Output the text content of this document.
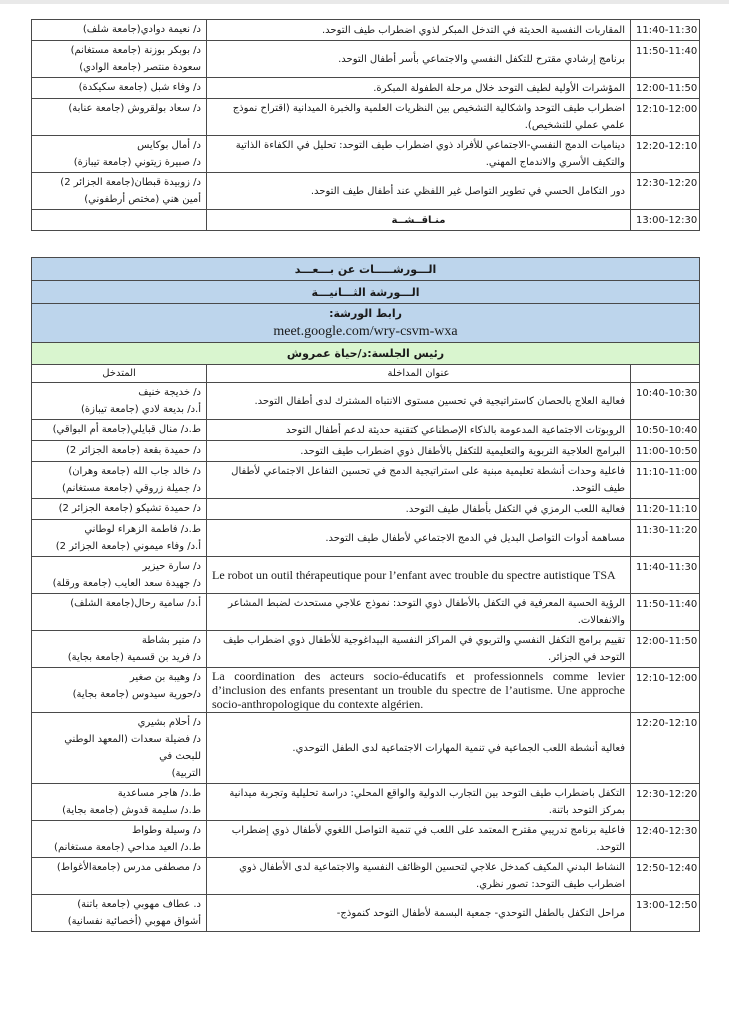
11:40-11:30	المقاربات النفسية الحديثة في التدخل المبكر لذوي اضطراب طيف التوحد.	د/ نعيمة دوادي(جامعة شلف)

11:50-11:40	برنامج إرشادي مقترح للتكفل النفسي والاجتماعي بأسر أطفال التوحد.	د/ بوبكر بوزنة (جامعة مستغانم)
سعودة منتصر (جامعة الوادي)

12:00-11:50	المؤشرات الأولية لطيف التوحد خلال مرحلة الطفولة المبكرة.	د/ وفاء شبل (جامعة سكيكدة)

12:10-12:00	اضطراب طيف التوحد واشكالية التشخيص بين النظريات العلمية والخبرة الميدانية (اقتراح نموذج علمي عملي للتشخيص).	د/ سعاد بولقروش (جامعة عنابة)

12:20-12:10	ديناميات الدمج النفسي-الاجتماعي للأفراد ذوي اضطراب طيف التوحد: تحليل في الكفاءة الذاتية والتكيف الأسري والاندماج المهني.	د/ أمال بوكايس
د/ صبيرة زيتوني (جامعة تيبازة)

12:30-12:20	دور التكامل الحسي في تطوير التواصل غير اللفظي عند أطفال طيف التوحد.	د/ زوبيدة قبطان(جامعة الجزائر 2)
أمين هني (مختص أرطفوني)

13:00-12:30	منـاقــشــة	
الـــورشـــــات عن بـــعـــد		
الـــورشة الثـــانيـــة		

رابط الورشة:
meet.google.com/wry-csvm-wxa		

رئيس الجلسة:د/حياة عمروش		
	عنوان المداخلة	المتدخل
10:40-10:30	فعالية العلاج بالحصان كاستراتيجية في تحسين مستوى الانتباه المشترك لدى أطفال التوحد.	د/ خديجة خنيف
أ.د/ بديعة لادي (جامعة تيبازة)

10:50-10:40	الروبوتات الاجتماعية المدعومة بالذكاء الإصطناعي كتقنية حديثة لدعم أطفال التوحد	ط.د/ منال قبايلي(جامعة أم البواقي)

11:00-10:50	البرامج العلاجية التربوية والتعليمية للتكفل بالأطفال ذوي اضطراب طيف التوحد.	د/ حميدة بقعة (جامعة الجزائر 2)

11:10-11:00	فاعلية وحدات أنشطة تعليمية مبنية على استراتيجية الدمج في تحسين التفاعل الاجتماعي لأطفال طيف التوحد.	د/ خالد جاب الله (جامعة وهران)
د/ جميلة زروقي (جامعة مستغانم)

11:20-11:10	فعالية اللعب الرمزي في التكفل بأطفال طيف التوحد.	د/ حميدة تشيكو (جامعة الجزائر 2)

11:30-11:20	مساهمة أدوات التواصل البديل في الدمج الاجتماعي لأطفال طيف التوحد.	ط.د/ فاطمة الزهراء لوطاني
أ.د/ وفاء ميموني (جامعة الجزائر 2)

11:40-11:30	Le robot un outil thérapeutique pour l’enfant avec trouble du spectre autistique TSA	د/ سارة حيزير
د/ جهيدة سعد العايب (جامعة ورقلة)

11:50-11:40	الرؤية الحسية المعرفية في التكفل بالأطفال ذوي التوحد: نموذج علاجي مستحدث لضبط المشاعر والانفعالات.	أ.د/ سامية رحال(جامعة الشلف)

12:00-11:50	تقييم برامج التكفل النفسي والتربوي في المراكز النفسية البيداغوجية للأطفال ذوي اضطراب طيف التوحد في الجزائر.	د/ منير بشاطة
د/ فريد بن قسمية (جامعة بجاية)

12:10-12:00	La coordination des acteurs socio-éducatifs et professionnels comme levier d’inclusion des enfants presentant un trouble du spectre de l’autisme. Une approche socio-anthropologique du contexte algérien.	د/ وهيبة بن صغير
د/حورية سيدوس (جامعة بجاية)

12:20-12:10	فعالية أنشطة اللعب الجماعية في تنمية المهارات الاجتماعية لدى الطفل التوحدي.	د/ أحلام بشيري
د/ فضيلة سعدات (المعهد الوطني للبحث في
التربية)

12:30-12:20	التكفل باضطراب طيف التوحد بين التجارب الدولية والواقع المحلي: دراسة تحليلية وتجربة ميدانية بمركز التوحد باتنة.	ط.د/ هاجر مساعدية
ط.د/ سليمة قدوش (جامعة بجاية)

12:40-12:30	فاعلية برنامج تدريبي مقترح المعتمد على اللعب في تنمية التواصل اللغوي لأطفال ذوي إضطراب التوحد.	د/ وسيلة وطواط
ط.د/ العيد مداحي (جامعة مستغانم)

12:50-12:40	النشاط البدني المكيف كمدخل علاجي لتحسين الوظائف النفسية والاجتماعية لدى الأطفال ذوي اضطراب طيف التوحد: تصور نظري.	د/ مصطفى مدرس (جامعةالأغواط)

13:00-12:50	مراحل التكفل بالطفل التوحدي- جمعية البسمة لأطفال التوحد كنموذج-	د. عطاف مهوبي (جامعة باتنة)
أشواق مهوبي (أخصائية نفسانية)
